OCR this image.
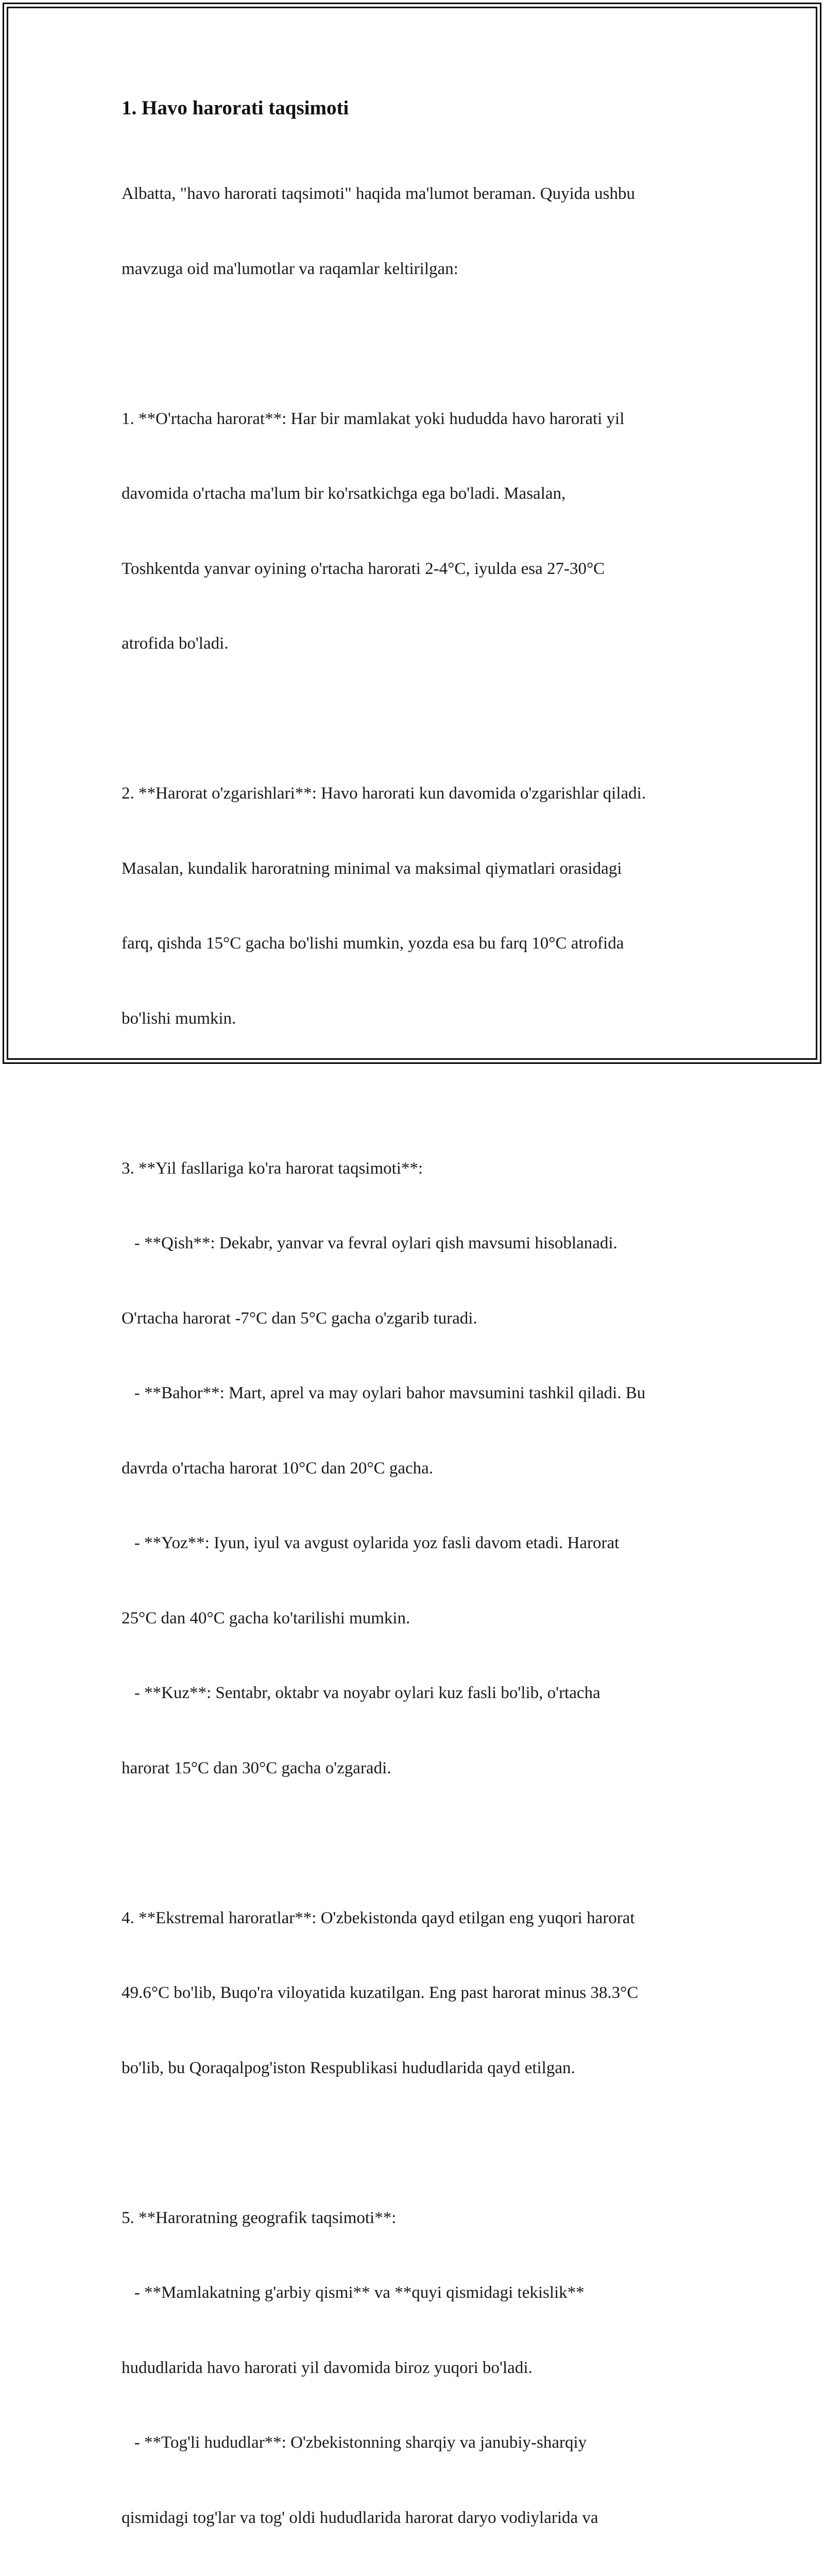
1. Havo harorati taqsimoti

Albatta, "havo harorati taqsimoti" haqida ma'lumot beraman. Quyida ushbu

mavzuga oid ma'lumotlar va raqamlar keltirilgan:

1. **O'rtacha harorat**: Har bir mamlakat yoki hududda havo harorati yil

davomida o'rtacha ma'lum bir ko'rsatkichga ega bo'ladi. Masalan,

Toshkentda yanvar oyining o'rtacha harorati 2-4°C, iyulda esa 27-30°C

atrofida bo'ladi.

2. **Harorat o'zgarishlari**: Havo harorati kun davomida o'zgarishlar qiladi.

Masalan, kundalik haroratning minimal va maksimal qiymatlari orasidagi

farq, qishda 15°C gacha bo'lishi mumkin, yozda esa bu farq 10°C atrofida

bo'lishi mumkin.

3. **Yil fasllariga ko'ra harorat taqsimoti**:

- **Qish**: Dekabr, yanvar va fevral oylari qish mavsumi hisoblanadi.

O'rtacha harorat -7°C dan 5°C gacha o'zgarib turadi.

- **Bahor**: Mart, aprel va may oylari bahor mavsumini tashkil qiladi. Bu

davrda o'rtacha harorat 10°C dan 20°C gacha.

- **Yoz**: Iyun, iyul va avgust oylarida yoz fasli davom etadi. Harorat

25°C dan 40°C gacha ko'tarilishi mumkin.

- **Kuz**: Sentabr, oktabr va noyabr oylari kuz fasli bo'lib, o'rtacha

harorat 15°C dan 30°C gacha o'zgaradi.

4. **Ekstremal haroratlar**: O'zbekistonda qayd etilgan eng yuqori harorat

49.6°C bo'lib, Buqo'ra viloyatida kuzatilgan. Eng past harorat minus 38.3°C

bo'lib, bu Qoraqalpog'iston Respublikasi hududlarida qayd etilgan.

5. **Haroratning geografik taqsimoti**:

- **Mamlakatning g'arbiy qismi** va **quyi qismidagi tekislik**

hududlarida havo harorati yil davomida biroz yuqori bo'ladi.

- **Tog'li hududlar**: O'zbekistonning sharqiy va janubiy-sharqiy

qismidagi tog'lar va tog' oldi hududlarida harorat daryo vodiylarida va
